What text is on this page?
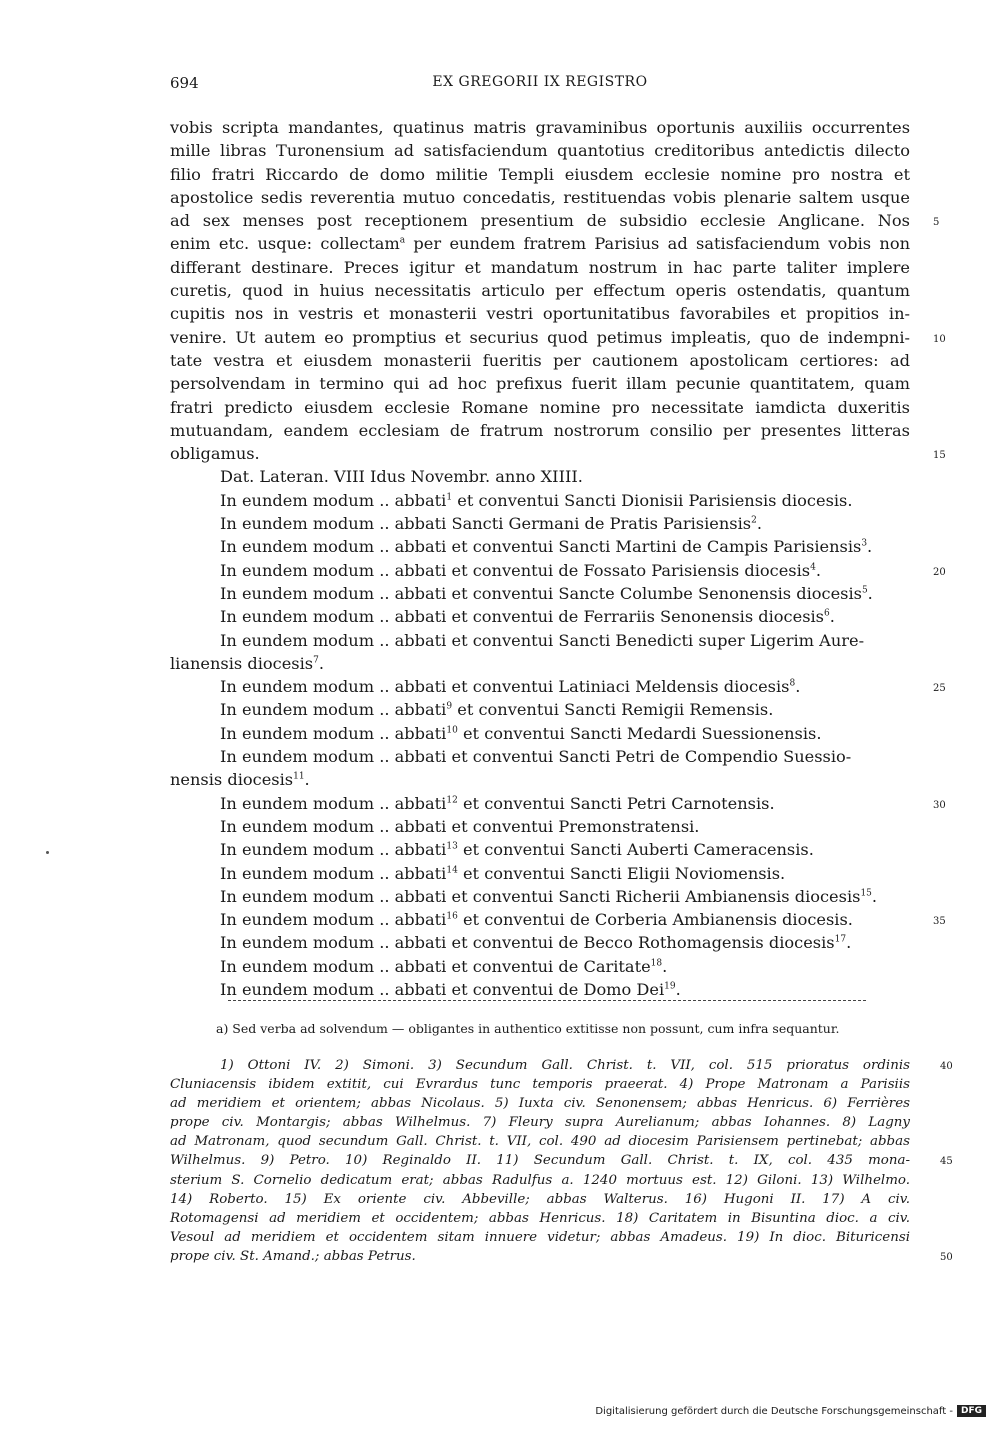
694	EX GREGORII IX REGISTRO
vobis scripta mandantes, quatinus matris gravaminibus oportunis auxiliis occurrentes
mille libras Turonensium ad satisfaciendum quantotius creditoribus antedictis dilecto
filio fratri Riccardo de domo militie Templi eiusdem ecclesie nomine pro nostra et
apostolice sedis reverentia mutuo concedatis, restituendas vobis plenarie saltem usque
ad sex menses post receptionem presentium de subsidio ecclesie Anglicane. Nos 5
enim etc. usque: collectam$^a$ per eundem fratrem Parisius ad satisfaciendum vobis non
differant destinare. Preces igitur et mandatum nostrum in hac parte taliter implere
curetis, quod in huius necessitatis articulo per effectum operis ostendatis, quantum
cupitis nos in vestris et monasterii vestri oportunitatibus favorabiles et propitios in-
venire. Ut autem eo promptius et securius quod petimus impleatis, quo de indempni- 10
tate vestra et eiusdem monasterii fueritis per cautionem apostolicam certiores: ad
persolvendam in termino qui ad hoc prefixus fuerit illam pecunie quantitatem, quam
fratri predicto eiusdem ecclesie Romane nomine pro necessitate iamdicta duxeritis
mutuandam, eandem ecclesiam de fratrum nostrorum consilio per presentes litteras
obligamus.	15
Dat. Lateran. VIII Idus Novembr. anno XIIII.
In eundem modum .. abbati$^1$ et conventui Sancti Dionisii Parisiensis diocesis.
In eundem modum .. abbati Sancti Germani de Pratis Parisiensis$^2$.
In eundem modum .. abbati et conventui Sancti Martini de Campis Parisiensis$^3$.
In eundem modum .. abbati et conventui de Fossato Parisiensis diocesis$^4$.	20
In eundem modum .. abbati et conventui Sancte Columbe Senonensis diocesis$^5$.
In eundem modum .. abbati et conventui de Ferrariis Senonensis diocesis$^6$.
In eundem modum .. abbati et conventui Sancti Benedicti super Ligerim Aure-
lianensis diocesis$^7$.
In eundem modum .. abbati et conventui Latiniaci Meldensis diocesis$^8$.	25
In eundem modum .. abbati$^9$ et conventui Sancti Remigii Remensis.
In eundem modum .. abbati$^{10}$ et conventui Sancti Medardi Suessionensis.
In eundem modum .. abbati et conventui Sancti Petri de Compendio Suessio-
nensis diocesis$^{11}$.
In eundem modum .. abbati$^{12}$ et conventui Sancti Petri Carnotensis.	30
In eundem modum .. abbati et conventui Premonstratensi.
In eundem modum .. abbati$^{13}$ et conventui Sancti Auberti Cameracensis.
In eundem modum .. abbati$^{14}$ et conventui Sancti Eligii Noviomensis.
In eundem modum .. abbati et conventui Sancti Richerii Ambianensis diocesis$^{15}$.
In eundem modum .. abbati$^{16}$ et conventui de Corberia Ambianensis diocesis.	35
In eundem modum .. abbati et conventui de Becco Rothomagensis diocesis$^{17}$.
In eundem modum .. abbati et conventui de Caritate$^{18}$.
In eundem modum .. abbati et conventui de Domo Dei$^{19}$.
a) Sed verba ad solvendum — obligantes in authentico extitisse non possunt, cum infra sequantur.
1) Ottoni IV. 2) Simoni. 3) Secundum Gall. Christ. t. VII, col. 515 prioratus ordinis	40
Cluniacensis ibidem extitit, cui Evrardus tunc temporis praeerat. 4) Prope Matronam a Parisiis
ad meridiem et orientem; abbas Nicolaus. 5) Iuxta civ. Senonensem; abbas Henricus. 6) Ferrières
prope civ. Montargis; abbas Wilhelmus. 7) Fleury supra Aurelianum; abbas Iohannes. 8) Lagny
ad Matronam, quod secundum Gall. Christ. t. VII, col. 490 ad diocesim Parisiensem pertinebat; abbas
Wilhelmus. 9) Petro. 10) Reginaldo II. 11) Secundum Gall. Christ. t. IX, col. 435 mona-	45
sterium S. Cornelio dedicatum erat; abbas Radulfus a. 1240 mortuus est. 12) Giloni. 13) Wilhelmo.
14) Roberto. 15) Ex oriente civ. Abbeville; abbas Walterus. 16) Hugoni II. 17) A civ.
Rotomagensi ad meridiem et occidentem; abbas Henricus. 18) Caritatem in Bisuntina dioc. a civ.
Vesoul ad meridiem et occidentem sitam innuere videtur; abbas Amadeus. 19) In dioc. Bituricensi
prope civ. St. Amand.; abbas Petrus.	50
Digitalisierung gefördert durch die Deutsche Forschungsgemeinschaft - DFG
